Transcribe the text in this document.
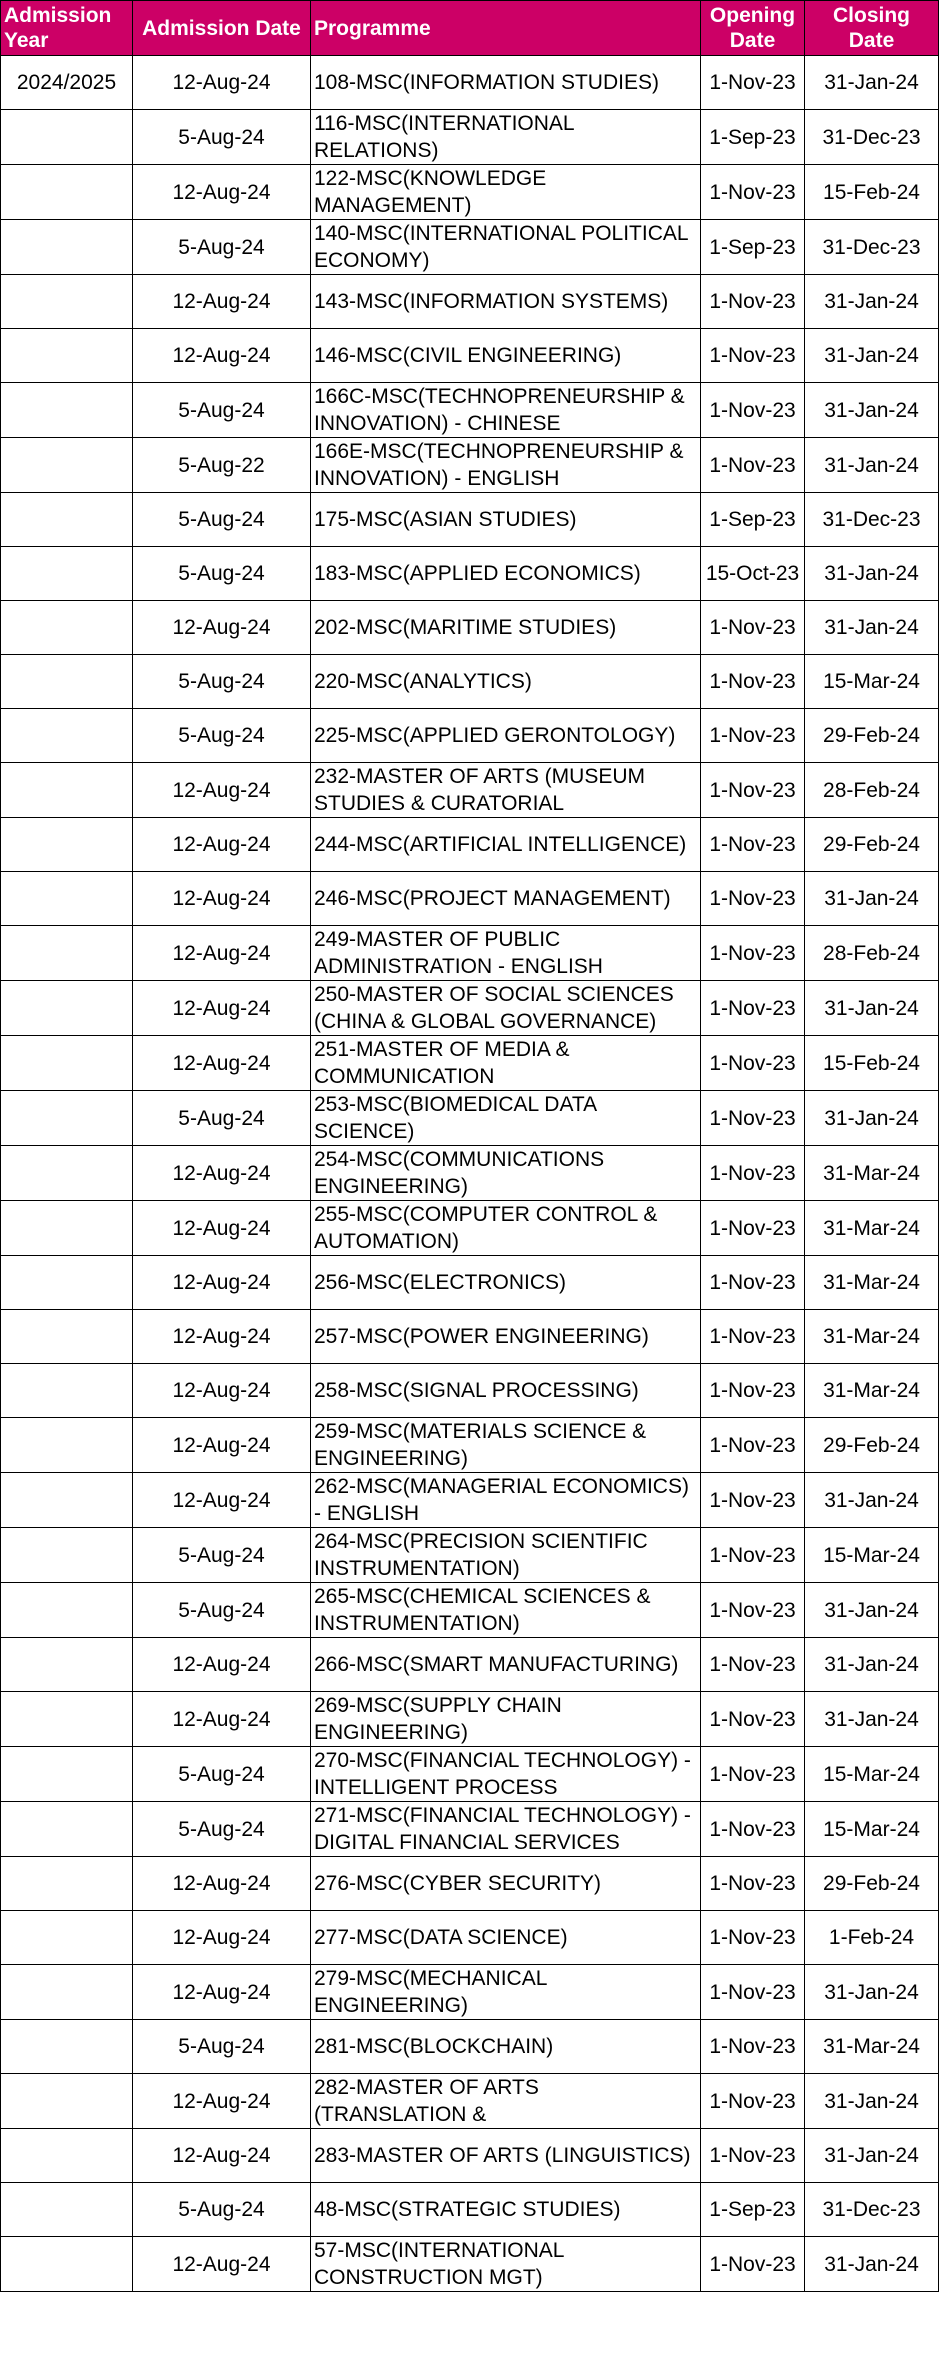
Admission Year	Admission Date	Programme	Opening Date	Closing Date
2024/2025	12-Aug-24	108-MSC(INFORMATION STUDIES)	1-Nov-23	31-Jan-24
	5-Aug-24	116-MSC(INTERNATIONAL RELATIONS)	1-Sep-23	31-Dec-23
	12-Aug-24	122-MSC(KNOWLEDGE MANAGEMENT)	1-Nov-23	15-Feb-24
	5-Aug-24	140-MSC(INTERNATIONAL POLITICAL ECONOMY)	1-Sep-23	31-Dec-23
	12-Aug-24	143-MSC(INFORMATION SYSTEMS)	1-Nov-23	31-Jan-24
	12-Aug-24	146-MSC(CIVIL ENGINEERING)	1-Nov-23	31-Jan-24
	5-Aug-24	166C-MSC(TECHNOPRENEURSHIP & INNOVATION) - CHINESE	1-Nov-23	31-Jan-24
	5-Aug-22	166E-MSC(TECHNOPRENEURSHIP & INNOVATION) - ENGLISH	1-Nov-23	31-Jan-24
	5-Aug-24	175-MSC(ASIAN STUDIES)	1-Sep-23	31-Dec-23
	5-Aug-24	183-MSC(APPLIED ECONOMICS)	15-Oct-23	31-Jan-24
	12-Aug-24	202-MSC(MARITIME STUDIES)	1-Nov-23	31-Jan-24
	5-Aug-24	220-MSC(ANALYTICS)	1-Nov-23	15-Mar-24
	5-Aug-24	225-MSC(APPLIED GERONTOLOGY)	1-Nov-23	29-Feb-24
	12-Aug-24	232-MASTER OF ARTS (MUSEUM STUDIES & CURATORIAL	1-Nov-23	28-Feb-24
	12-Aug-24	244-MSC(ARTIFICIAL INTELLIGENCE)	1-Nov-23	29-Feb-24
	12-Aug-24	246-MSC(PROJECT MANAGEMENT)	1-Nov-23	31-Jan-24
	12-Aug-24	249-MASTER OF PUBLIC ADMINISTRATION - ENGLISH	1-Nov-23	28-Feb-24
	12-Aug-24	250-MASTER OF SOCIAL SCIENCES (CHINA & GLOBAL GOVERNANCE)	1-Nov-23	31-Jan-24
	12-Aug-24	251-MASTER OF MEDIA & COMMUNICATION	1-Nov-23	15-Feb-24
	5-Aug-24	253-MSC(BIOMEDICAL DATA SCIENCE)	1-Nov-23	31-Jan-24
	12-Aug-24	254-MSC(COMMUNICATIONS ENGINEERING)	1-Nov-23	31-Mar-24
	12-Aug-24	255-MSC(COMPUTER CONTROL & AUTOMATION)	1-Nov-23	31-Mar-24
	12-Aug-24	256-MSC(ELECTRONICS)	1-Nov-23	31-Mar-24
	12-Aug-24	257-MSC(POWER ENGINEERING)	1-Nov-23	31-Mar-24
	12-Aug-24	258-MSC(SIGNAL PROCESSING)	1-Nov-23	31-Mar-24
	12-Aug-24	259-MSC(MATERIALS SCIENCE & ENGINEERING)	1-Nov-23	29-Feb-24
	12-Aug-24	262-MSC(MANAGERIAL ECONOMICS) - ENGLISH	1-Nov-23	31-Jan-24
	5-Aug-24	264-MSC(PRECISION SCIENTIFIC INSTRUMENTATION)	1-Nov-23	15-Mar-24
	5-Aug-24	265-MSC(CHEMICAL SCIENCES & INSTRUMENTATION)	1-Nov-23	31-Jan-24
	12-Aug-24	266-MSC(SMART MANUFACTURING)	1-Nov-23	31-Jan-24
	12-Aug-24	269-MSC(SUPPLY CHAIN ENGINEERING)	1-Nov-23	31-Jan-24
	5-Aug-24	270-MSC(FINANCIAL TECHNOLOGY) - INTELLIGENT PROCESS	1-Nov-23	15-Mar-24
	5-Aug-24	271-MSC(FINANCIAL TECHNOLOGY) - DIGITAL FINANCIAL SERVICES	1-Nov-23	15-Mar-24
	12-Aug-24	276-MSC(CYBER SECURITY)	1-Nov-23	29-Feb-24
	12-Aug-24	277-MSC(DATA SCIENCE)	1-Nov-23	1-Feb-24
	12-Aug-24	279-MSC(MECHANICAL ENGINEERING)	1-Nov-23	31-Jan-24
	5-Aug-24	281-MSC(BLOCKCHAIN)	1-Nov-23	31-Mar-24
	12-Aug-24	282-MASTER OF ARTS (TRANSLATION &	1-Nov-23	31-Jan-24
	12-Aug-24	283-MASTER OF ARTS (LINGUISTICS)	1-Nov-23	31-Jan-24
	5-Aug-24	48-MSC(STRATEGIC STUDIES)	1-Sep-23	31-Dec-23
	12-Aug-24	57-MSC(INTERNATIONAL CONSTRUCTION MGT)	1-Nov-23	31-Jan-24
